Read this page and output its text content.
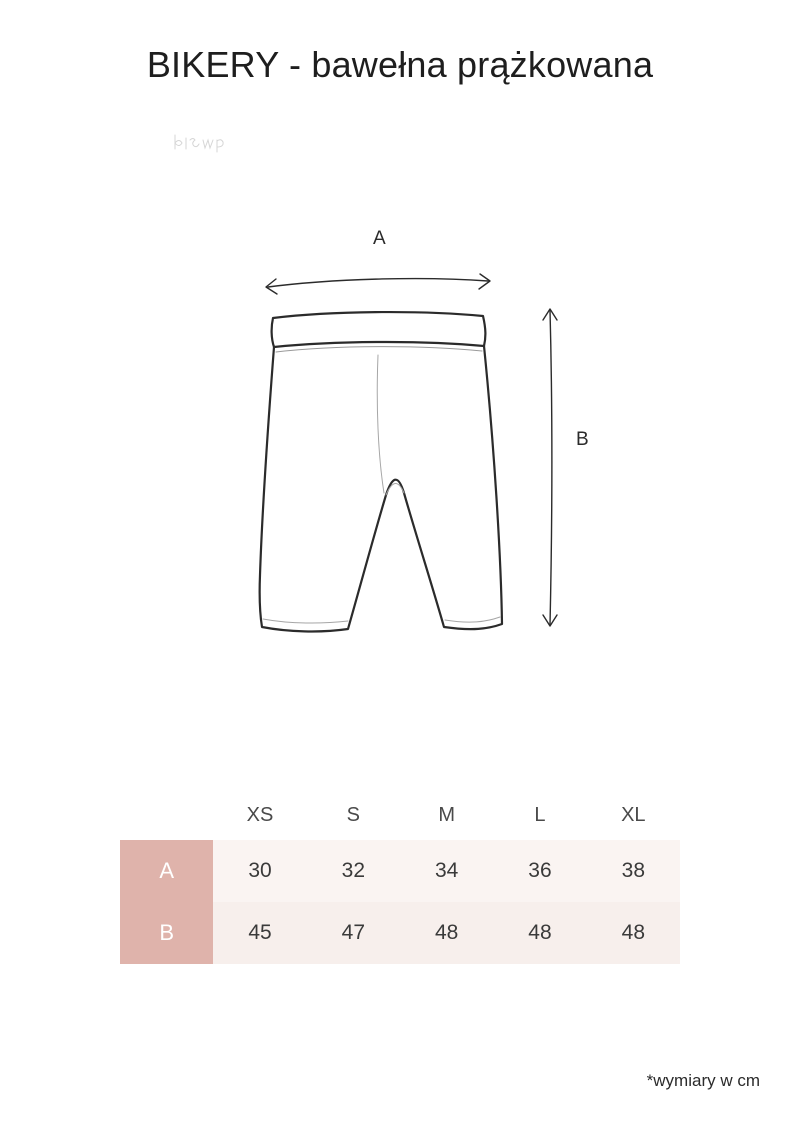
BIKERY - bawełna prążkowana
A
B
	XS	S	M	L	XL
A	30	32	34	36	38
B	45	47	48	48	48
*wymiary w cm
